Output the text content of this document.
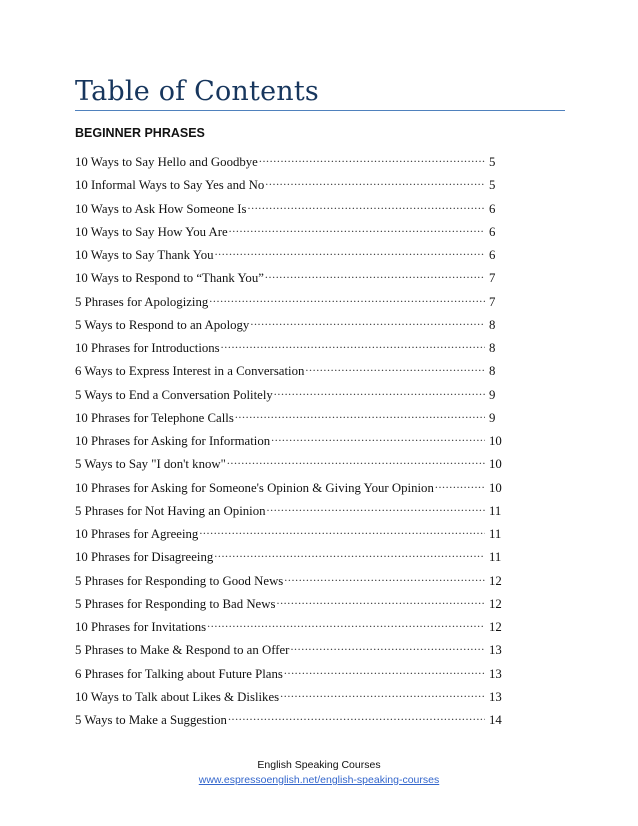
Table of Contents
BEGINNER PHRASES
10 Ways to Say Hello and Goodbye .....	5
10 Informal Ways to Say Yes and No .....	5
10 Ways to Ask How Someone Is .....	6
10 Ways to Say How You Are .....	6
10 Ways to Say Thank You .....	6
10 Ways to Respond to “Thank You” .....	7
5 Phrases for Apologizing .....	7
5 Ways to Respond to an Apology .....	8
10 Phrases for Introductions .....	8
6 Ways to Express Interest in a Conversation .....	8
5 Ways to End a Conversation Politely .....	9
10 Phrases for Telephone Calls .....	9
10 Phrases for Asking for Information .....	10
5 Ways to Say "I don't know" .....	10
10 Phrases for Asking for Someone's Opinion & Giving Your Opinion .....	10
5 Phrases for Not Having an Opinion .....	11
10 Phrases for Agreeing .....	11
10 Phrases for Disagreeing .....	11
5 Phrases for Responding to Good News .....	12
5 Phrases for Responding to Bad News .....	12
10 Phrases for Invitations .....	12
5 Phrases to Make & Respond to an Offer .....	13
6 Phrases for Talking about Future Plans .....	13
10 Ways to Talk about Likes & Dislikes .....	13
5 Ways to Make a Suggestion .....	14
English Speaking Courses
www.espressoenglish.net/english-speaking-courses
